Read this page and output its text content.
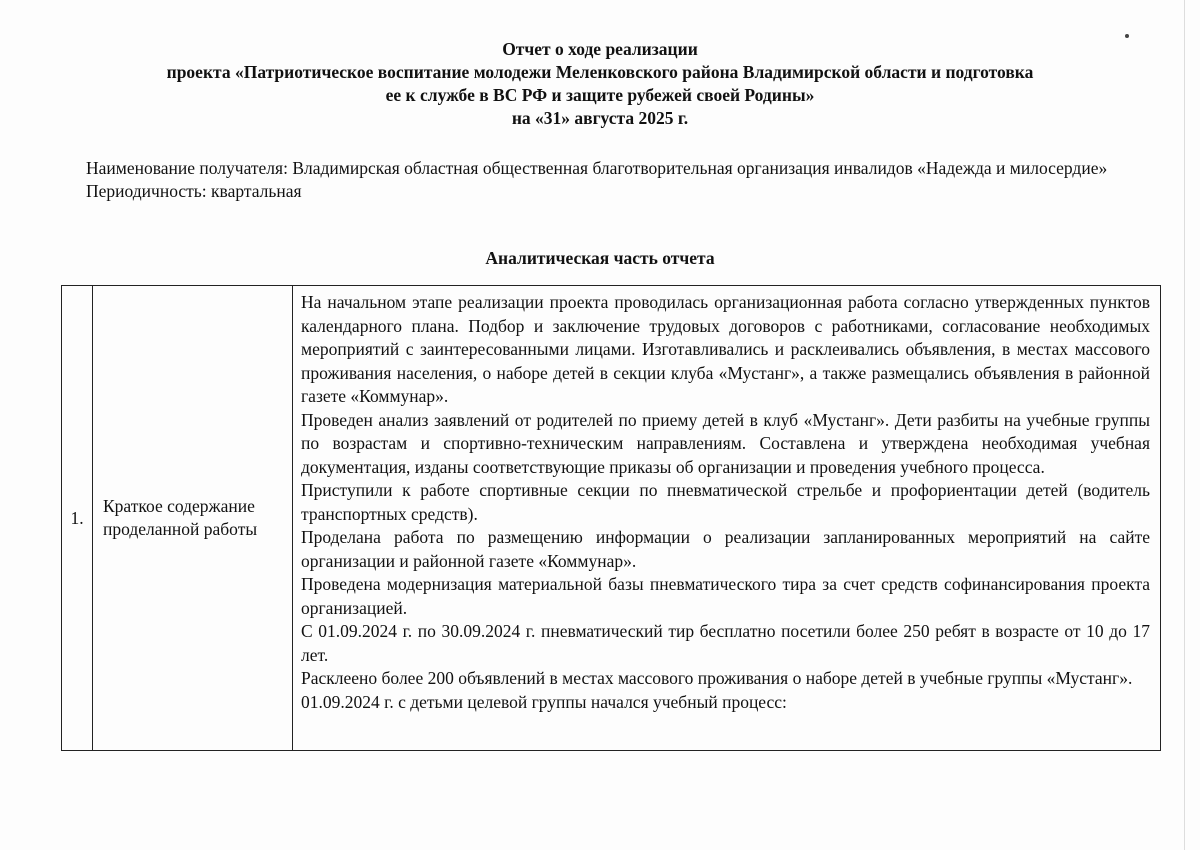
Отчет о ходе реализации
проекта «Патриотическое воспитание молодежи Меленковского района Владимирской области и подготовка
ее к службе в ВС РФ и защите рубежей своей Родины»
на «31» августа 2025 г.
Наименование получателя: Владимирская областная общественная благотворительная организация инвалидов «Надежда и милосердие»
Периодичность: квартальная
Аналитическая часть отчета
1.	Краткое содержание проделанной работы	

На начальном этапе реализации проекта проводилась организационная работа согласно утвержденных пунктов календарного плана. Подбор и заключение трудовых договоров с работниками, согласование необходимых мероприятий с заинтересованными лицами. Изготавливались и расклеивались объявления, в местах массового проживания населения, о наборе детей в секции клуба «Мустанг», а также размещались объявления в районной газете «Коммунар».

Проведен анализ заявлений от родителей по приему детей в клуб «Мустанг». Дети разбиты на учебные группы по возрастам и спортивно-техническим направлениям. Составлена и утверждена необходимая учебная документация, изданы соответствующие приказы об организации и проведения учебного процесса.

Приступили к работе спортивные секции по пневматической стрельбе и профориентации детей (водитель транспортных средств).

Проделана работа по размещению информации о реализации запланированных мероприятий на сайте организации и районной газете «Коммунар».

Проведена модернизация материальной базы пневматического тира за счет средств софинансирования проекта организацией.

С 01.09.2024 г. по 30.09.2024 г. пневматический тир бесплатно посетили более 250 ребят в возрасте от 10 до 17 лет.

Расклеено более 200 объявлений в местах массового проживания о наборе детей в учебные группы «Мустанг».

01.09.2024 г. с детьми целевой группы начался учебный процесс:
